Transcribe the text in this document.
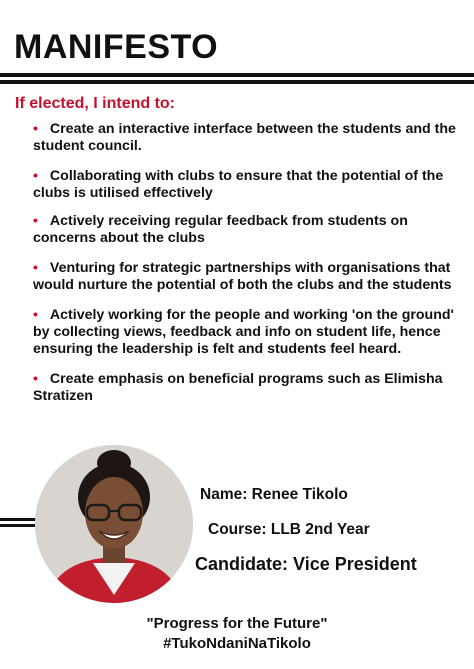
MANIFESTO
If elected, I intend to:
• Create an interactive interface between the students and the student council.
• Collaborating with clubs to ensure that the potential of the clubs is utilised effectively
• Actively receiving regular feedback from students on concerns about the clubs
• Venturing for strategic partnerships with organisations that would nurture the potential of both the clubs and the students
• Actively working for the people and working 'on the ground' by collecting views, feedback and info on student life, hence ensuring the leadership is felt and students feel heard.
• Create emphasis on beneficial programs such as Elimisha Stratizen
Name: Renee Tikolo
Course: LLB 2nd Year
Candidate: Vice President
"Progress for the Future"
#TukoNdaniNaTikolo
